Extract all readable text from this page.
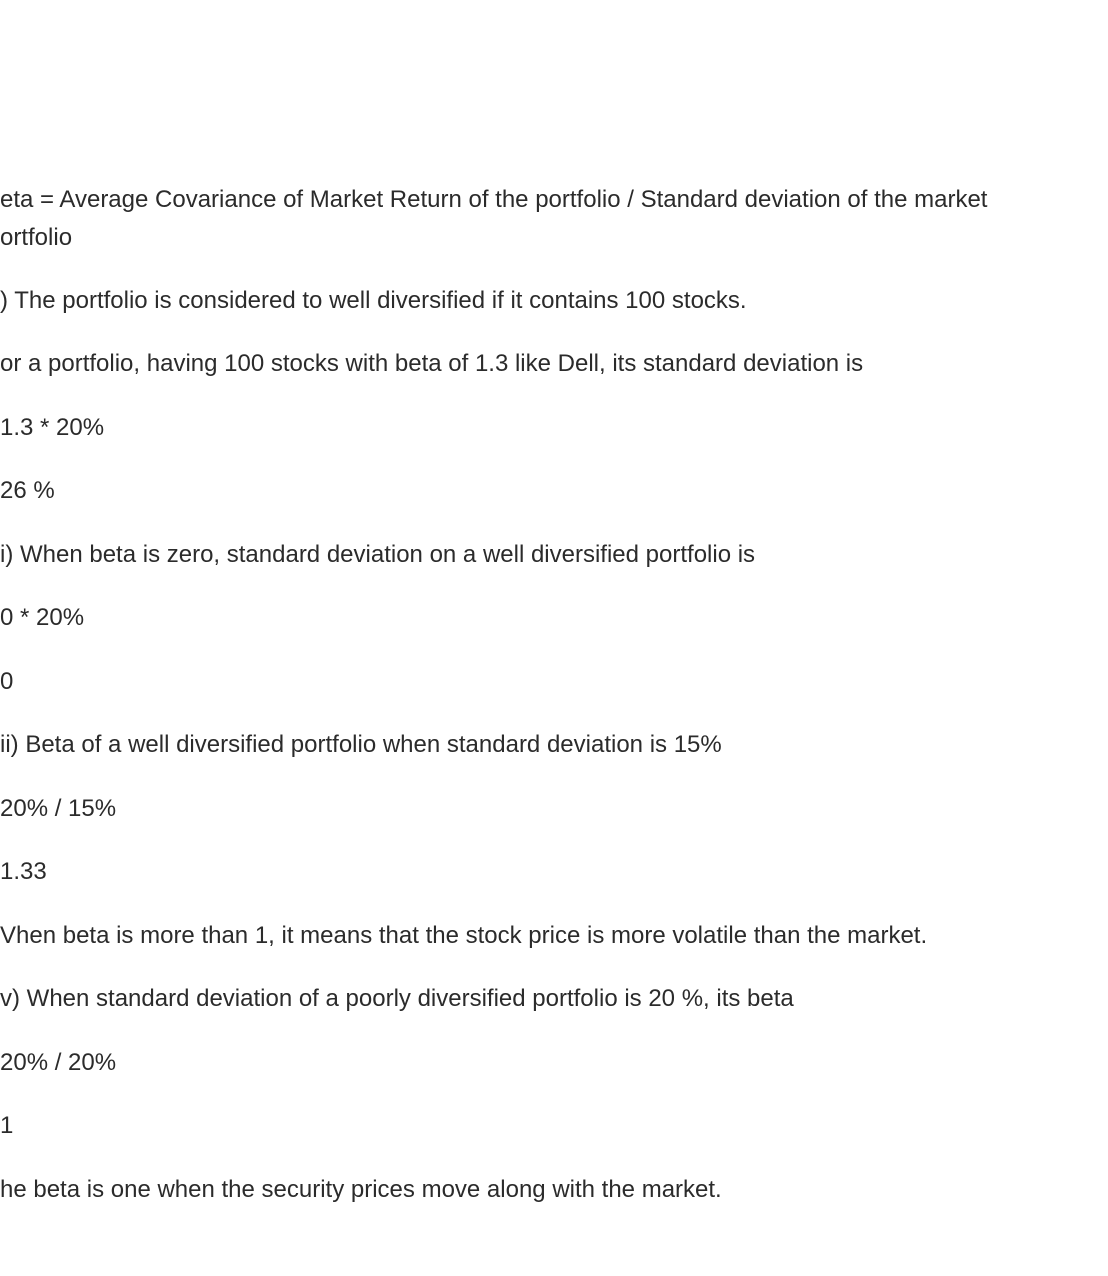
eta = Average Covariance of Market Return of the portfolio / Standard deviation of the market

ortfolio

) The portfolio is considered to well diversified if it contains 100 stocks.

or a portfolio, having 100 stocks with beta of 1.3 like Dell, its standard deviation is

1.3 * 20%

26 %

i) When beta is zero, standard deviation on a well diversified portfolio is

0 * 20%

0

ii) Beta of a well diversified portfolio when standard deviation is 15%

20% / 15%

1.33

Vhen beta is more than 1, it means that the stock price is more volatile than the market.

v) When standard deviation of a poorly diversified portfolio is 20 %, its beta

20% / 20%

1

he beta is one when the security prices move along with the market.
